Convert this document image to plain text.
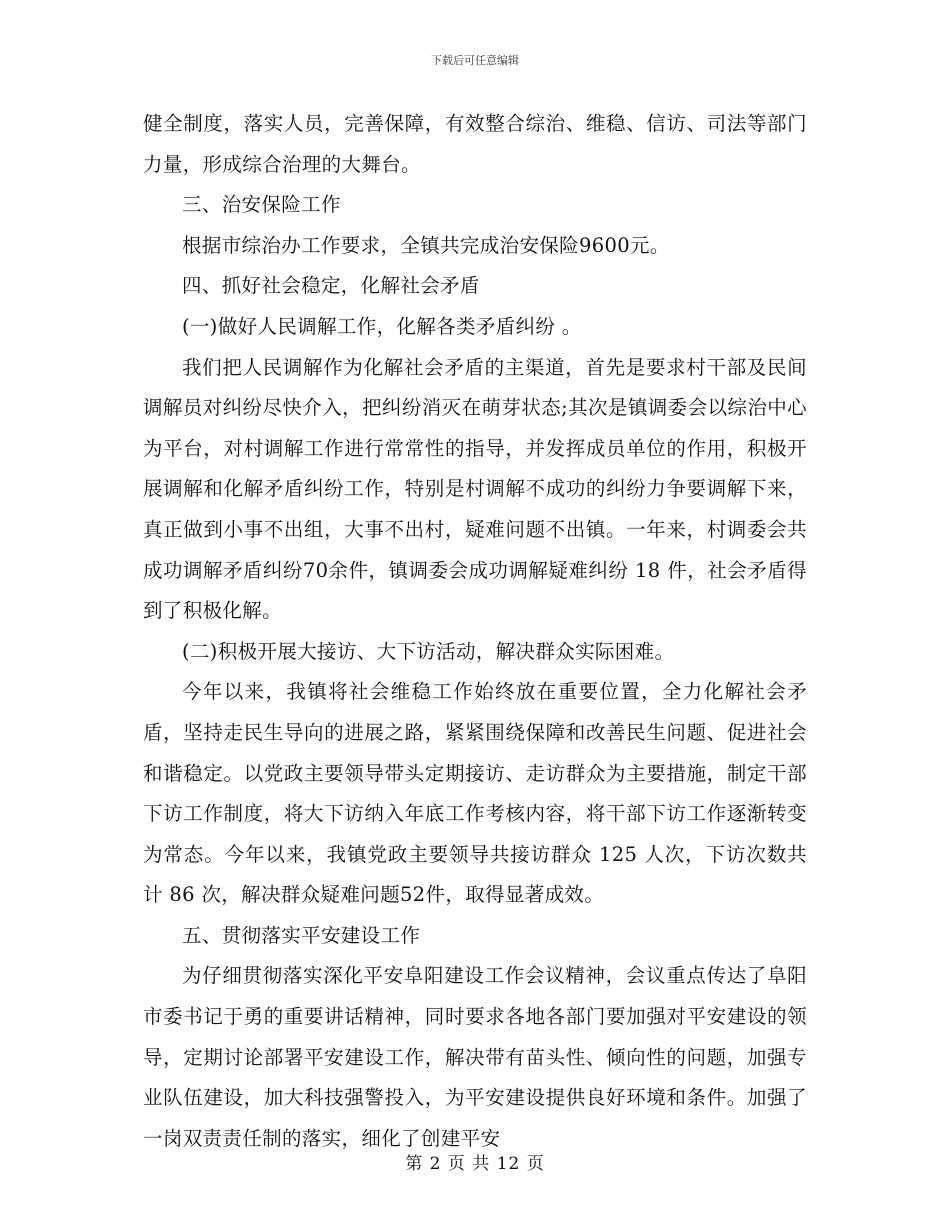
下载后可任意编辑

健全制度，落实人员，完善保障，有效整合综治、维稳、信访、司法等部门力量，形成综合治理的大舞台。

三、治安保险工作

根据市综治办工作要求，全镇共完成治安保险9600元。

四、抓好社会稳定，化解社会矛盾

(一)做好人民调解工作，化解各类矛盾纠纷 。

我们把人民调解作为化解社会矛盾的主渠道，首先是要求村干部及民间调解员对纠纷尽快介入，把纠纷消灭在萌芽状态;其次是镇调委会以综治中心为平台，对村调解工作进行常常性的指导，并发挥成员单位的作用，积极开展调解和化解矛盾纠纷工作，特别是村调解不成功的纠纷力争要调解下来，真正做到小事不出组，大事不出村，疑难问题不出镇。一年来，村调委会共成功调解矛盾纠纷70余件，镇调委会成功调解疑难纠纷 18 件，社会矛盾得到了积极化解。

(二)积极开展大接访、大下访活动，解决群众实际困难。

今年以来，我镇将社会维稳工作始终放在重要位置，全力化解社会矛盾，坚持走民生导向的进展之路，紧紧围绕保障和改善民生问题、促进社会和谐稳定。以党政主要领导带头定期接访、走访群众为主要措施，制定干部下访工作制度，将大下访纳入年底工作考核内容，将干部下访工作逐渐转变为常态。今年以来，我镇党政主要领导共接访群众 125 人次，下访次数共计 86 次，解决群众疑难问题52件，取得显著成效。

五、贯彻落实平安建设工作

为仔细贯彻落实深化平安阜阳建设工作会议精神，会议重点传达了阜阳市委书记于勇的重要讲话精神，同时要求各地各部门要加强对平安建设的领导，定期讨论部署平安建设工作，解决带有苗头性、倾向性的问题，加强专业队伍建设，加大科技强警投入，为平安建设提供良好环境和条件。加强了一岗双责责任制的落实，细化了创建平安

第 2 页 共 12 页
